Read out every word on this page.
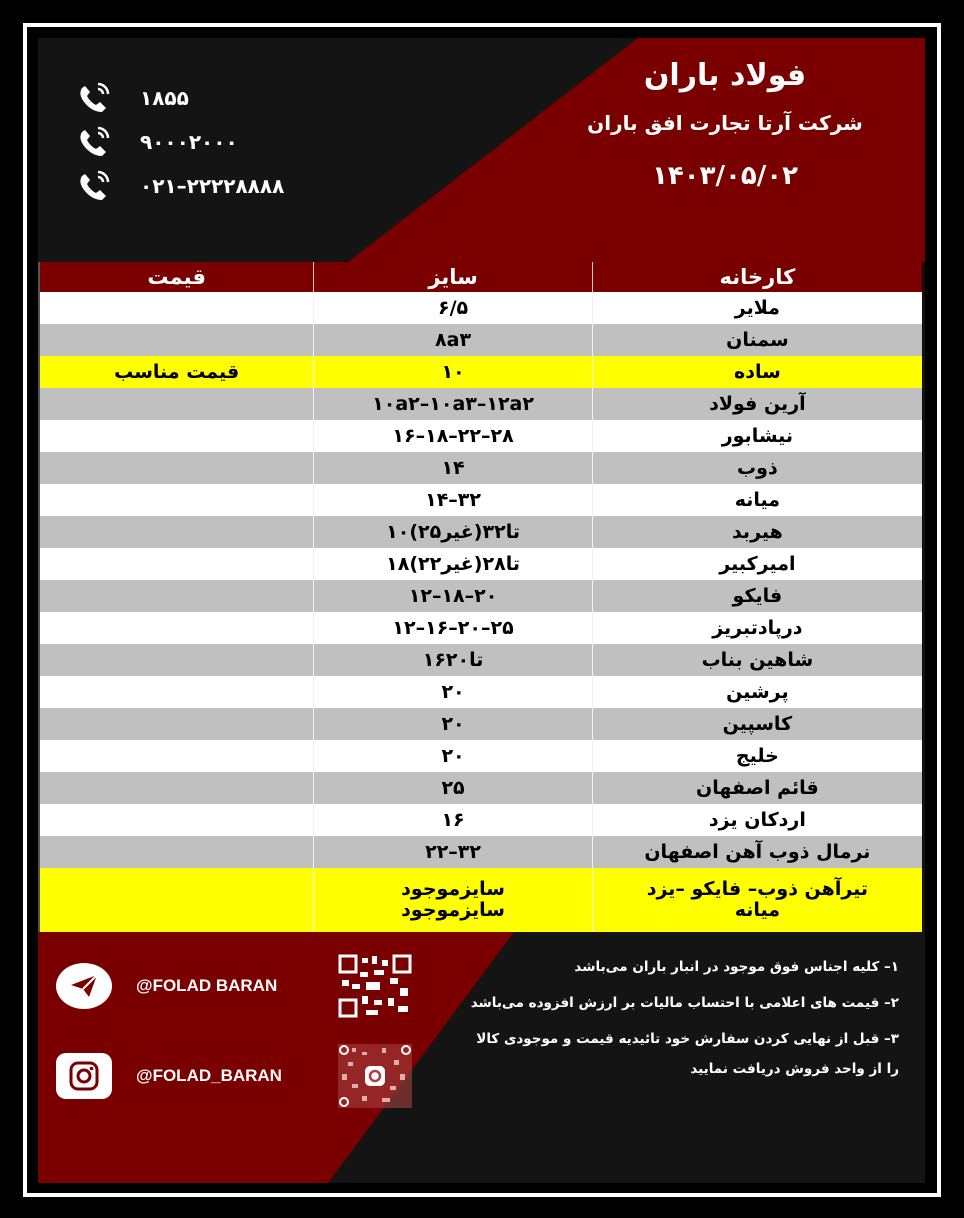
۱۸۵۵
۹۰۰۰۲۰۰۰
۰۲۱–۲۲۲۲۸۸۸۸
فولاد باران
شرکت آرتا تجارت افق باران
۱۴۰۳/۰۵/۰۲
کارخانه
سایز
قیمت
ملایر
۶/۵
سمنان
۸a۳
ساده
۱۰
قیمت مناسب
آرین فولاد
۱۰a۲–۱۰a۳–۱۲a۲
نیشابور
۱۶–۱۸–۲۲–۲۸
ذوب
۱۴
میانه
۱۴–۳۲
هیربد
۱۰تا۳۲(غیر۲۵)
امیرکبیر
۱۸تا۲۸(غیر۲۲)
فایکو
۱۲–۱۸–۲۰
درپادتبریز
۱۲–۱۶–۲۰–۲۵
شاهین بناب
۱۶تا۲۰
پرشین
۲۰
کاسپین
۲۰
خلیج
۲۰
قائم اصفهان
۲۵
اردکان یزد
۱۶
نرمال ذوب آهن اصفهان
۲۲–۳۲
تیرآهن ذوب– فایکو –یزد
میانه
سایزموجود
سایزموجود
@FOLAD BARAN
@FOLAD_BARAN
۱– کلیه اجناس فوق موجود در انبار باران می‌باشد
۲– قیمت های اعلامی با احتساب مالیات بر ارزش افزوده می‌باشد
۳– قبل از نهایی کردن سفارش خود تائیدیه قیمت و موجودی کالا را از واحد فروش دریافت نمایید
